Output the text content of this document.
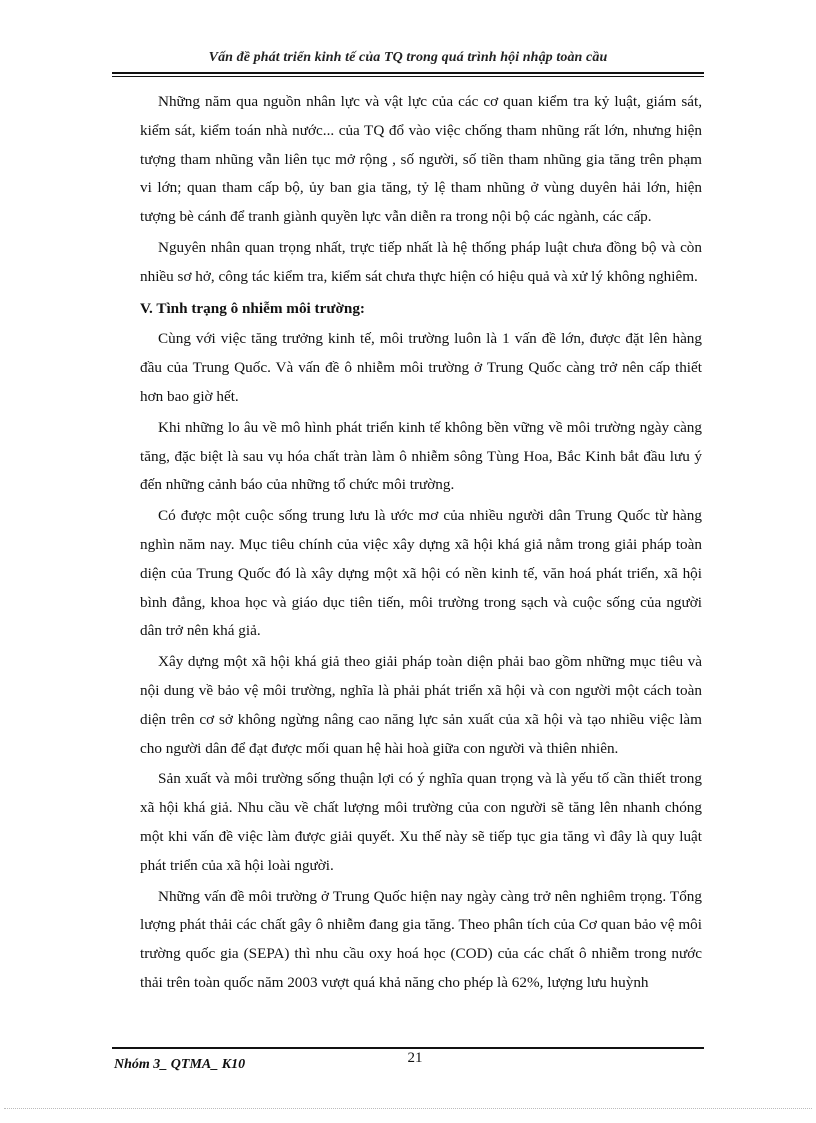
Vấn đề phát triển kinh tế của TQ trong quá trình hội nhập toàn cầu

Những năm qua nguồn nhân lực và vật lực của các cơ quan kiểm tra kỷ luật, giám sát, kiểm sát, kiểm toán nhà nước... của TQ đổ vào việc chống tham nhũng rất lớn, nhưng hiện tượng tham nhũng vẫn liên tục mở rộng , số người, số tiền tham nhũng gia tăng trên phạm vi lớn; quan tham cấp bộ, ủy ban gia tăng, tỷ lệ tham nhũng ở vùng duyên hải lớn, hiện tượng bè cánh để tranh giành quyền lực vẫn diễn ra trong nội bộ các ngành, các cấp.

Nguyên nhân quan trọng nhất, trực tiếp nhất là hệ thống pháp luật chưa đồng bộ và còn nhiều sơ hở, công tác kiểm tra, kiểm sát chưa thực hiện có hiệu quả và xử lý không nghiêm.

V. Tình trạng ô nhiễm môi trường:

Cùng với việc tăng trưởng kinh tế, môi trường luôn là 1 vấn đề lớn, được đặt lên hàng đầu của Trung Quốc. Và vấn đề ô nhiễm môi trường ở Trung Quốc càng trở nên cấp thiết hơn bao giờ hết.

Khi những lo âu về mô hình phát triển kinh tế không bền vững về môi trường ngày càng tăng, đặc biệt là sau vụ hóa chất tràn làm ô nhiễm sông Tùng Hoa, Bắc Kinh bắt đầu lưu ý đến những cảnh báo của những tổ chức môi trường.

Có được một cuộc sống trung lưu là ước mơ của nhiều người dân Trung Quốc từ hàng nghìn năm nay. Mục tiêu chính của việc xây dựng xã hội khá giả nằm trong giải pháp toàn diện của Trung Quốc đó là xây dựng một xã hội có nền kinh tế, văn hoá phát triển, xã hội bình đẳng, khoa học và giáo dục tiên tiến, môi trường trong sạch và cuộc sống của người dân trở nên khá giả.

Xây dựng một xã hội khá giả theo giải pháp toàn diện phải bao gồm những mục tiêu và nội dung về bảo vệ môi trường, nghĩa là phải phát triển xã hội và con người một cách toàn diện trên cơ sở không ngừng nâng cao năng lực sản xuất của xã hội và tạo nhiều việc làm cho người dân để đạt được mối quan hệ hài hoà giữa con người và thiên nhiên.

Sản xuất và môi trường sống thuận lợi có ý nghĩa quan trọng và là yếu tố cần thiết trong xã hội khá giả. Nhu cầu về chất lượng môi trường của con người sẽ tăng lên nhanh chóng một khi vấn đề việc làm được giải quyết. Xu thế này sẽ tiếp tục gia tăng vì đây là quy luật phát triển của xã hội loài người.

Những vấn đề môi trường ở Trung Quốc hiện nay ngày càng trở nên nghiêm trọng. Tổng lượng phát thải các chất gây ô nhiễm đang gia tăng. Theo phân tích của Cơ quan bảo vệ môi trường quốc gia (SEPA) thì nhu cầu oxy hoá học (COD) của các chất ô nhiễm trong nước thải trên toàn quốc năm 2003 vượt quá khả năng cho phép là 62%, lượng lưu huỳnh

Nhóm 3_ QTMA_ K10	21
